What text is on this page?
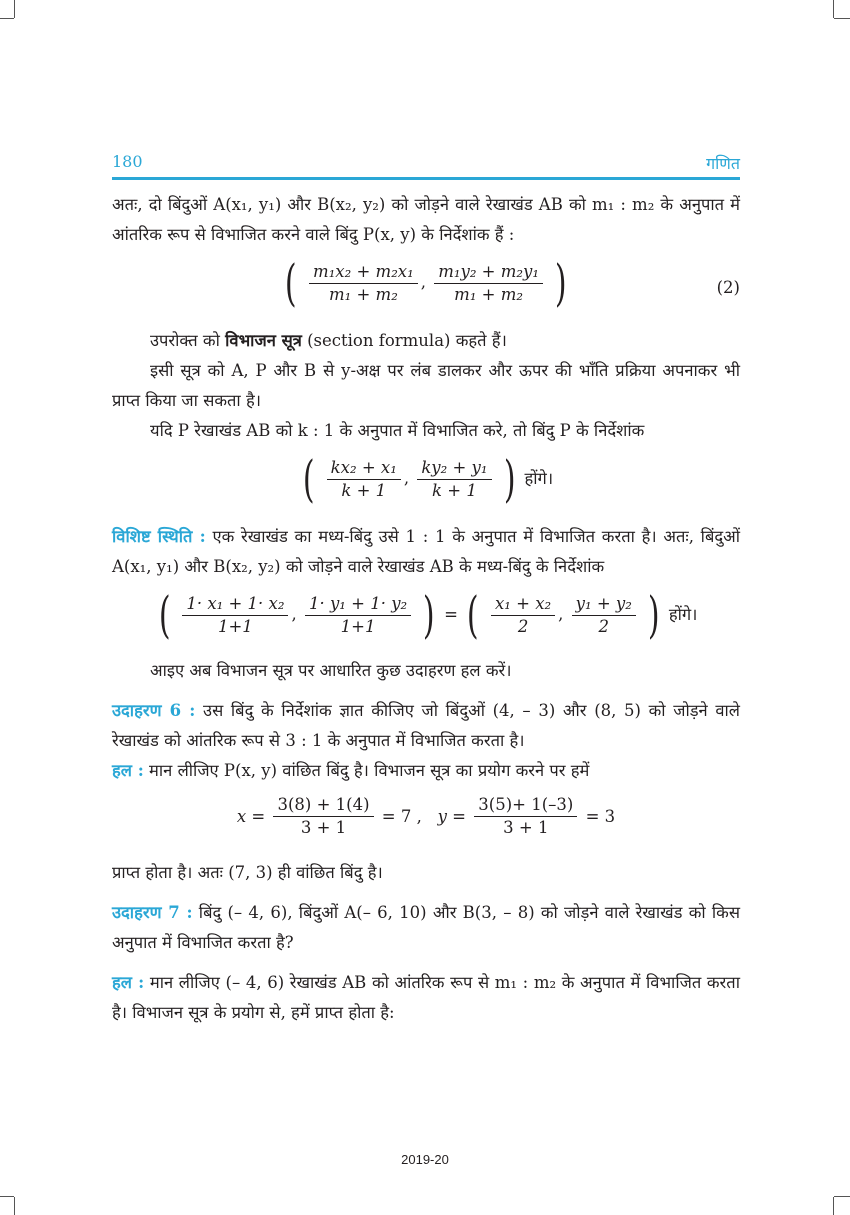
180	गणित

अतः, दो बिंदुओं A(x₁, y₁) और B(x₂, y₂) को जोड़ने वाले रेखाखंड AB को m₁ : m₂ के अनुपात में आंतरिक रूप से विभाजित करने वाले बिंदु P(x, y) के निर्देशांक हैं :

( $\frac{\text{m₁x₂ + m₂x₁}}{\text{m₁ + m₂}}$ , $\frac{\text{m₁y₂ + m₂y₁}}{\text{m₁ + m₂}}$ )	(2)

उपरोक्त को विभाजन सूत्र (section formula) कहते हैं।

इसी सूत्र को A, P और B से y-अक्ष पर लंब डालकर और ऊपर की भाँति प्रक्रिया अपनाकर भी प्राप्त किया जा सकता है।

यदि P रेखाखंड AB को k : 1 के अनुपात में विभाजित करे, तो बिंदु P के निर्देशांक

( $\frac{\text{kx₂ + x₁}}{k + 1}$ , $\frac{\text{ky₂ + y₁}}{k + 1}$ ) होंगे।

विशिष्ट स्थिति : एक रेखाखंड का मध्य-बिंदु उसे 1 : 1 के अनुपात में विभाजित करता है। अतः, बिंदुओं A(x₁, y₁) और B(x₂, y₂) को जोड़ने वाले रेखाखंड AB के मध्य-बिंदु के निर्देशांक

( $\frac{\text{1· x₁ + 1· x₂}}{1+1}$ , $\frac{\text{1· y₁ + 1· y₂}}{1+1}$ ) = ( $\frac{\text{x₁ + x₂}}{2}$ , $\frac{\text{y₁ + y₂}}{2}$ ) होंगे।

आइए अब विभाजन सूत्र पर आधारित कुछ उदाहरण हल करें।

उदाहरण 6 : उस बिंदु के निर्देशांक ज्ञात कीजिए जो बिंदुओं (4, – 3) और (8, 5) को जोड़ने वाले रेखाखंड को आंतरिक रूप से 3 : 1 के अनुपात में विभाजित करता है।

हल : मान लीजिए P(x, y) वांछित बिंदु है। विभाजन सूत्र का प्रयोग करने पर हमें

$x = \frac{3(8) + 1(4)}{3 + 1} = 7$ , $y = \frac{3(5)+ 1(-3)}{3 + 1} = 3$

प्राप्त होता है। अतः (7, 3) ही वांछित बिंदु है।

उदाहरण 7 : बिंदु (– 4, 6), बिंदुओं A(– 6, 10) और B(3, – 8) को जोड़ने वाले रेखाखंड को किस अनुपात में विभाजित करता है?

हल : मान लीजिए (– 4, 6) रेखाखंड AB को आंतरिक रूप से m₁ : m₂ के अनुपात में विभाजित करता है। विभाजन सूत्र के प्रयोग से, हमें प्राप्त होता है:

2019-20
